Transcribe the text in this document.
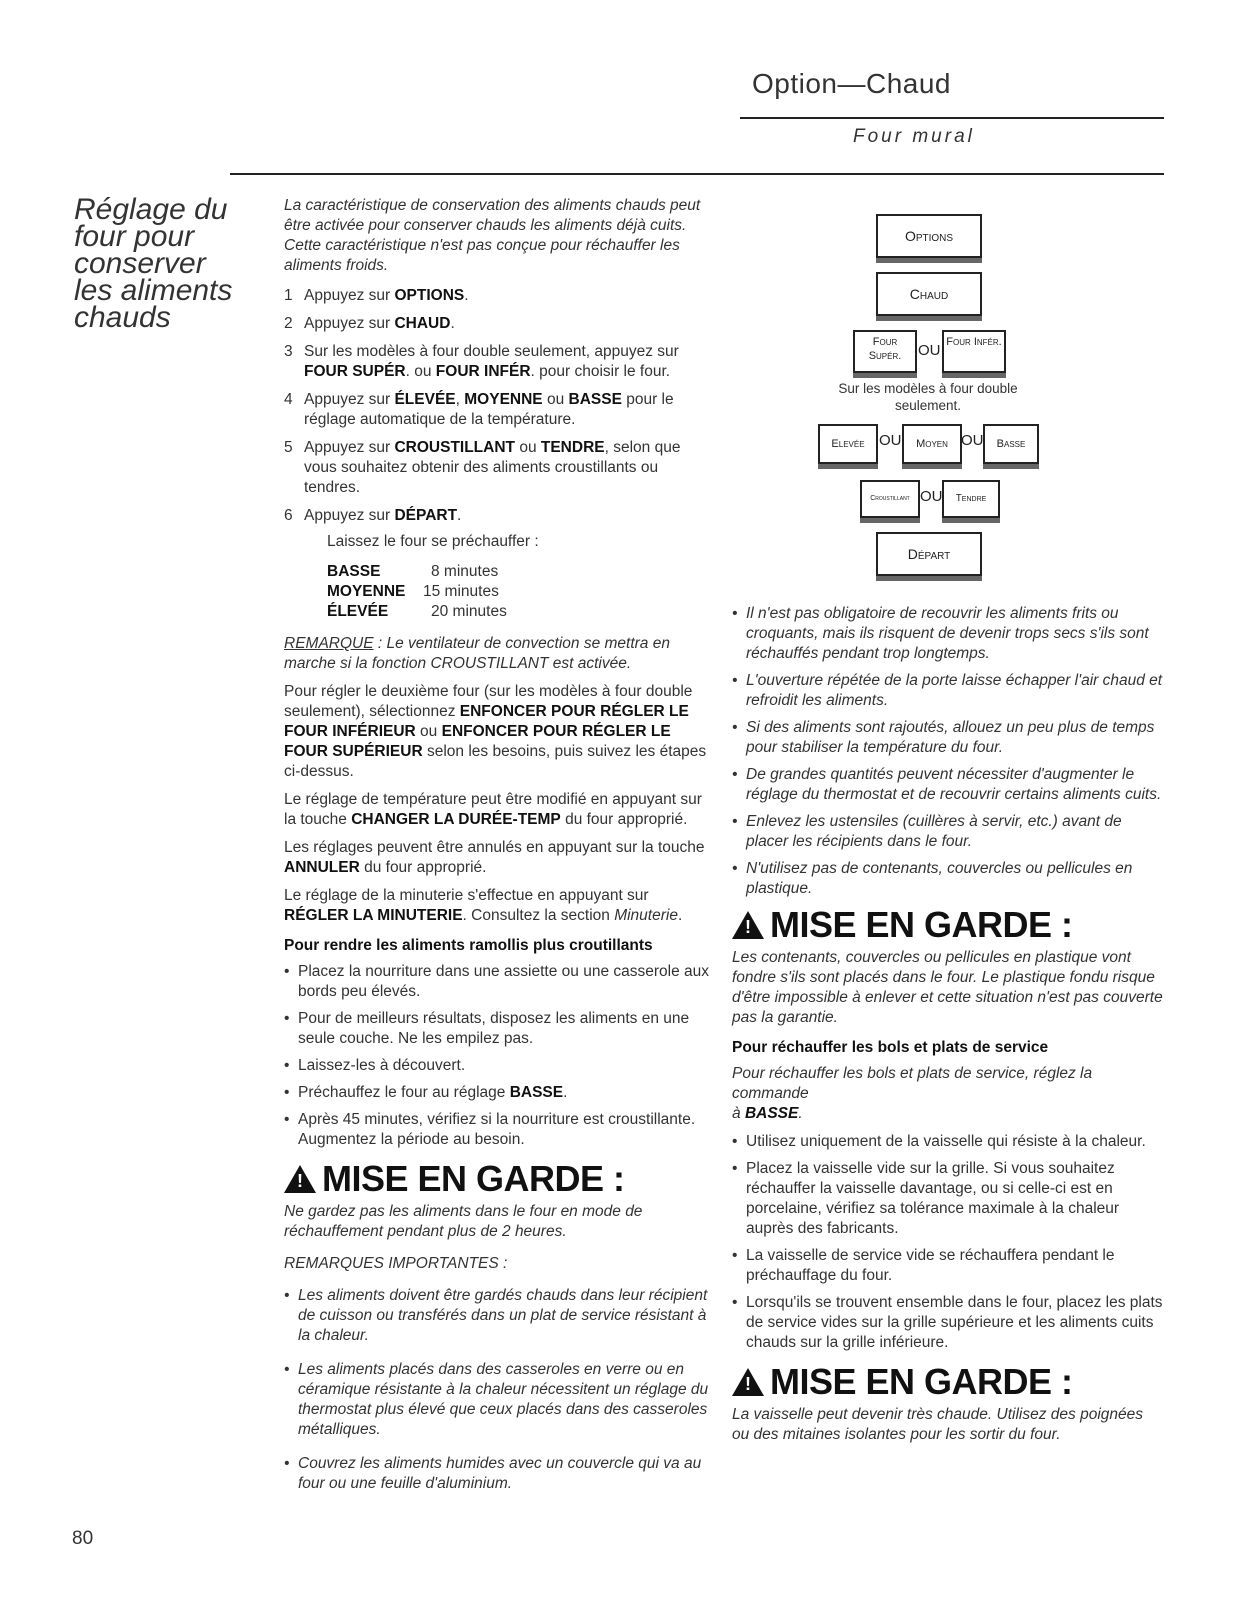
Option—Chaud
Four mural
Réglage du four pour conserver les aliments chauds

La caractéristique de conservation des aliments chauds peut être activée pour conserver chauds les aliments déjà cuits. Cette caractéristique n'est pas conçue pour réchauffer les aliments froids.

1 Appuyez sur OPTIONS.
2 Appuyez sur CHAUD.
3 Sur les modèles à four double seulement, appuyez sur FOUR SUPÉR. ou FOUR INFÉR. pour choisir le four.
4 Appuyez sur ÉLEVÉE, MOYENNE ou BASSE pour le réglage automatique de la température.
5 Appuyez sur CROUSTILLANT ou TENDRE, selon que vous souhaitez obtenir des aliments croustillants ou tendres.
6 Appuyez sur DÉPART.
Laissez le four se préchauffer :
BASSE	8 minutes
MOYENNE	15 minutes
ÉLEVÉE	20 minutes

REMARQUE : Le ventilateur de convection se mettra en marche si la fonction CROUSTILLANT est activée.

Pour régler le deuxième four (sur les modèles à four double seulement), sélectionnez ENFONCER POUR RÉGLER LE FOUR INFÉRIEUR ou ENFONCER POUR RÉGLER LE FOUR SUPÉRIEUR selon les besoins, puis suivez les étapes ci-dessus.

Le réglage de température peut être modifié en appuyant sur la touche CHANGER LA DURÉE-TEMP du four approprié.

Les réglages peuvent être annulés en appuyant sur la touche ANNULER du four approprié.

Le réglage de la minuterie s'effectue en appuyant sur RÉGLER LA MINUTERIE. Consultez la section Minuterie.

Pour rendre les aliments ramollis plus croutillants
• Placez la nourriture dans une assiette ou une casserole aux bords peu élevés.
• Pour de meilleurs résultats, disposez les aliments en une seule couche. Ne les empilez pas.
• Laissez-les à découvert.
• Préchauffez le four au réglage BASSE.
• Après 45 minutes, vérifiez si la nourriture est croustillante. Augmentez la période au besoin.
! MISE EN GARDE :

Ne gardez pas les aliments dans le four en mode de réchauffement pendant plus de 2 heures.

REMARQUES IMPORTANTES :

• Les aliments doivent être gardés chauds dans leur récipient de cuisson ou transférés dans un plat de service résistant à la chaleur.
• Les aliments placés dans des casseroles en verre ou en céramique résistante à la chaleur nécessitent un réglage du thermostat plus élevé que ceux placés dans des casseroles métalliques.
• Couvrez les aliments humides avec un couvercle qui va au four ou une feuille d'aluminium.
Options
Chaud
Four Supér.	OU Four Infér.
Sur les modèles à four double seulement.
Elevée OU	Moyen OU	Basse
Croustillant OU	Tendre
Départ
• Il n'est pas obligatoire de recouvrir les aliments frits ou croquants, mais ils risquent de devenir trops secs s'ils sont réchauffés pendant trop longtemps.
• L'ouverture répétée de la porte laisse échapper l'air chaud et refroidit les aliments.
• Si des aliments sont rajoutés, allouez un peu plus de temps pour stabiliser la température du four.
• De grandes quantités peuvent nécessiter d'augmenter le réglage du thermostat et de recouvrir certains aliments cuits.
• Enlevez les ustensiles (cuillères à servir, etc.) avant de placer les récipients dans le four.
• N'utilisez pas de contenants, couvercles ou pellicules en plastique.
! MISE EN GARDE :

Les contenants, couvercles ou pellicules en plastique vont fondre s'ils sont placés dans le four. Le plastique fondu risque d'être impossible à enlever et cette situation n'est pas couverte pas la garantie.

Pour réchauffer les bols et plats de service

Pour réchauffer les bols et plats de service, réglez la commande
à BASSE.

• Utilisez uniquement de la vaisselle qui résiste à la chaleur.
• Placez la vaisselle vide sur la grille. Si vous souhaitez réchauffer la vaisselle davantage, ou si celle-ci est en porcelaine, vérifiez sa tolérance maximale à la chaleur auprès des fabricants.
• La vaisselle de service vide se réchauffera pendant le préchauffage du four.
• Lorsqu'ils se trouvent ensemble dans le four, placez les plats de service vides sur la grille supérieure et les aliments cuits chauds sur la grille inférieure.
! MISE EN GARDE :

La vaisselle peut devenir très chaude. Utilisez des poignées ou des mitaines isolantes pour les sortir du four.

80
